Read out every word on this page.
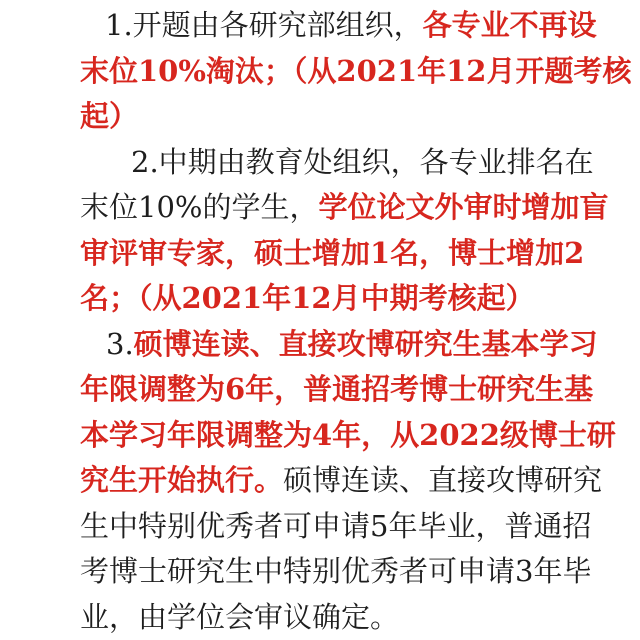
1.开题由各研究部组织，各专业不再设
末位10%淘汰；（从2021年12月开题考核
起）
2.中期由教育处组织，各专业排名在
末位10%的学生，学位论文外审时增加盲
审评审专家，硕士增加1名，博士增加2
名；（从2021年12月中期考核起）
3.硕博连读、直接攻博研究生基本学习
年限调整为6年，普通招考博士研究生基
本学习年限调整为4年，从2022级博士研
究生开始执行。硕博连读、直接攻博研究
生中特别优秀者可申请5年毕业，普通招
考博士研究生中特别优秀者可申请3年毕
业，由学位会审议确定。
